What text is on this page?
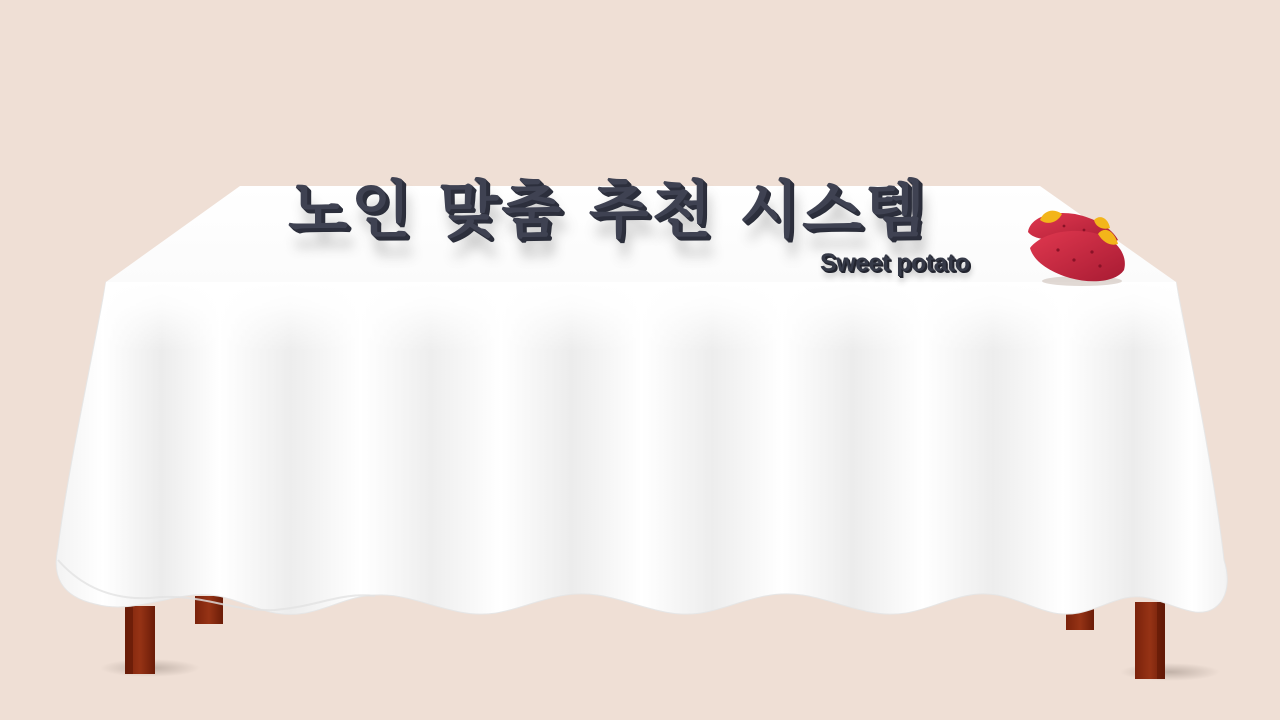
노인 맞춤 추천 시스템
Sweet potato
